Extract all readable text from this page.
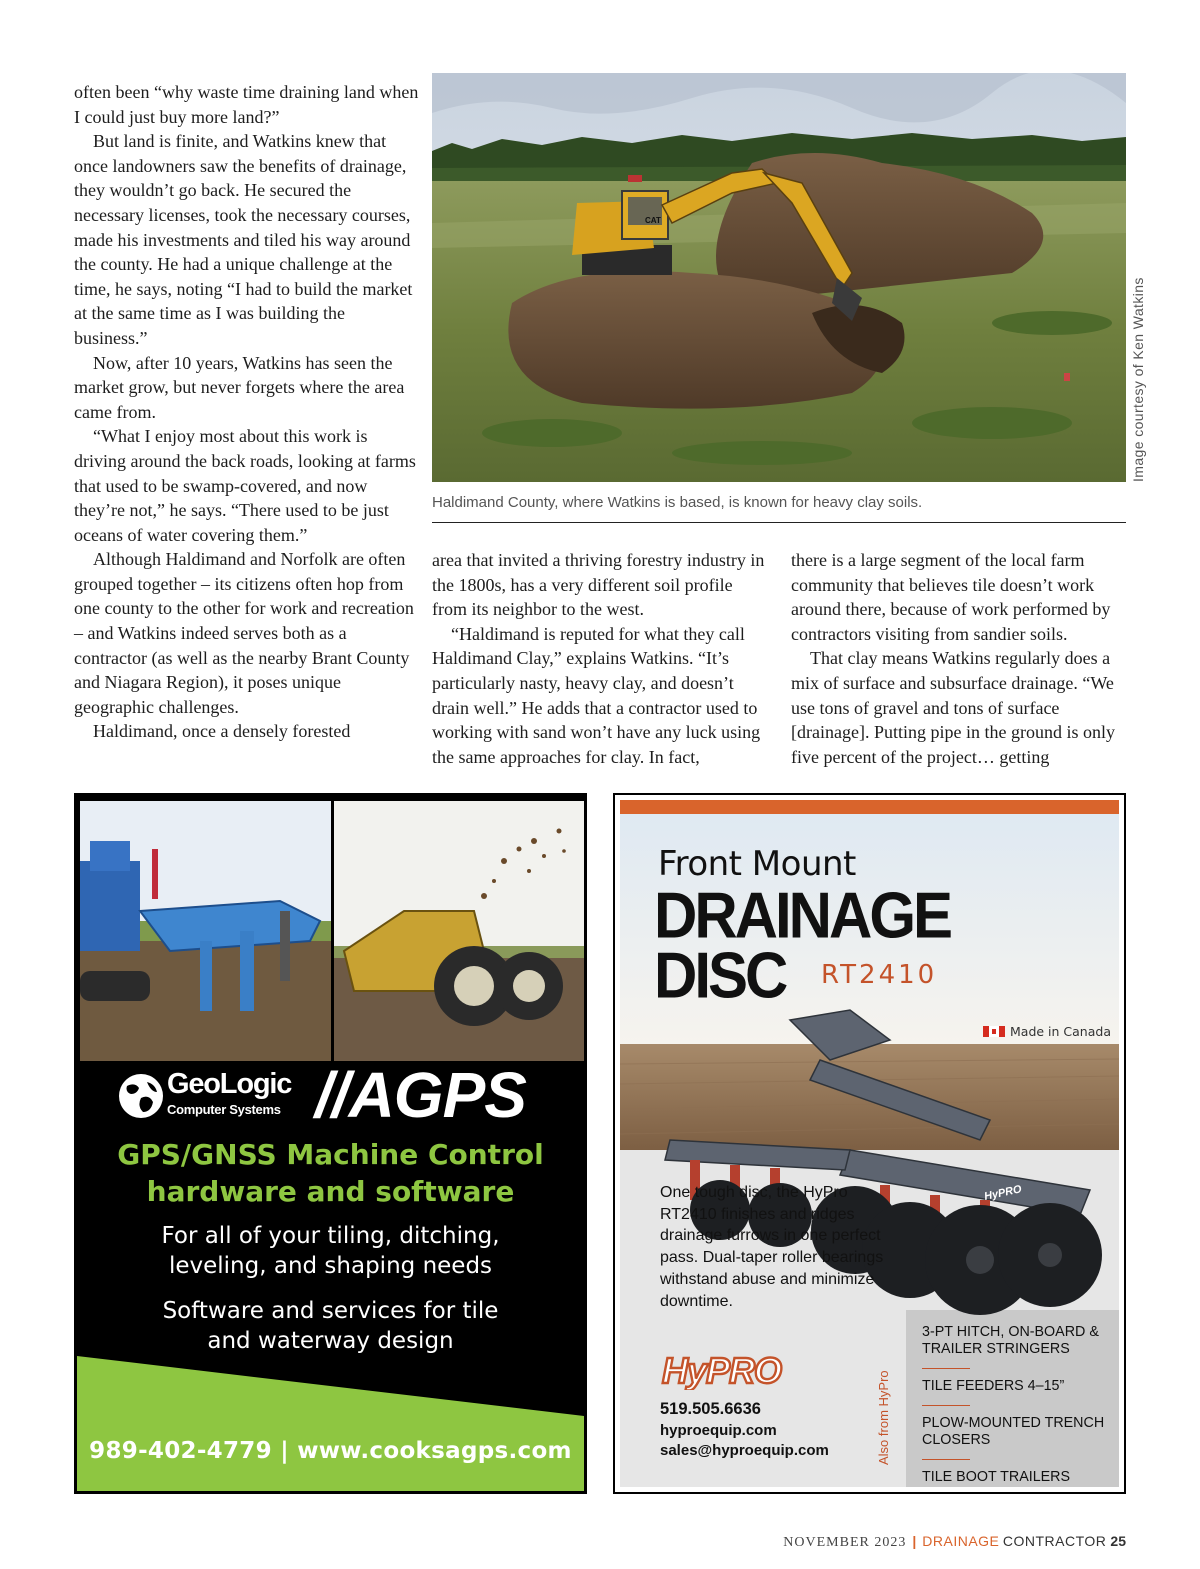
often been “why waste time draining land when I could just buy more land?”

But land is finite, and Watkins knew that once landowners saw the benefits of drainage, they wouldn’t go back. He secured the necessary licenses, took the necessary courses, made his investments and tiled his way around the county. He had a unique challenge at the time, he says, noting “I had to build the market at the same time as I was building the business.”

Now, after 10 years, Watkins has seen the market grow, but never forgets where the area came from.

“What I enjoy most about this work is driving around the back roads, looking at farms that used to be swamp-covered, and now they’re not,” he says. “There used to be just oceans of water covering them.”

Although Haldimand and Norfolk are often grouped together – its citizens often hop from one county to the other for work and recreation – and Watkins indeed serves both as a contractor (as well as the nearby Brant County and Niagara Region), it poses unique geographic challenges.

Haldimand, once a densely forested

area that invited a thriving forestry industry in the 1800s, has a very different soil profile from its neighbor to the west.

“Haldimand is reputed for what they call Haldimand Clay,” explains Watkins. “It’s particularly nasty, heavy clay, and doesn’t drain well.” He adds that a contractor used to working with sand won’t have any luck using the same approaches for clay. In fact,

there is a large segment of the local farm community that believes tile doesn’t work around there, because of work performed by contractors visiting from sandier soils.

That clay means Watkins regularly does a mix of surface and subsurface drainage. “We use tons of gravel and tons of surface [drainage]. Putting pipe in the ground is only five percent of the project… getting

CAT
Haldimand County, where Watkins is based, is known for heavy clay soils.
Image courtesy of Ken Watkins
GeoLogic
Computer Systems //AGPS
GPS/GNSS Machine Control
hardware and software
For all of your tiling, ditching,
leveling, and shaping needs
Software and services for tile
and waterway design
989-402-4779 | www.cooksagps.com
HyPRO
Front Mount
DRAINAGE
DISC RT2410
Made in Canada
One tough disc, the HyPro RT2410 finishes and ridges drainage furrows in one perfect pass. Dual-taper roller bearings withstand abuse and minimize downtime.
HyPRO
519.505.6636
hyproequip.com
sales@hyproequip.com	Also from HyPro
3-PT HITCH, ON-BOARD & TRAILER STRINGERS
TILE FEEDERS 4–15”
PLOW-MOUNTED TRENCH CLOSERS
TILE BOOT TRAILERS
NOVEMBER 2023 | DRAINAGE CONTRACTOR 25
